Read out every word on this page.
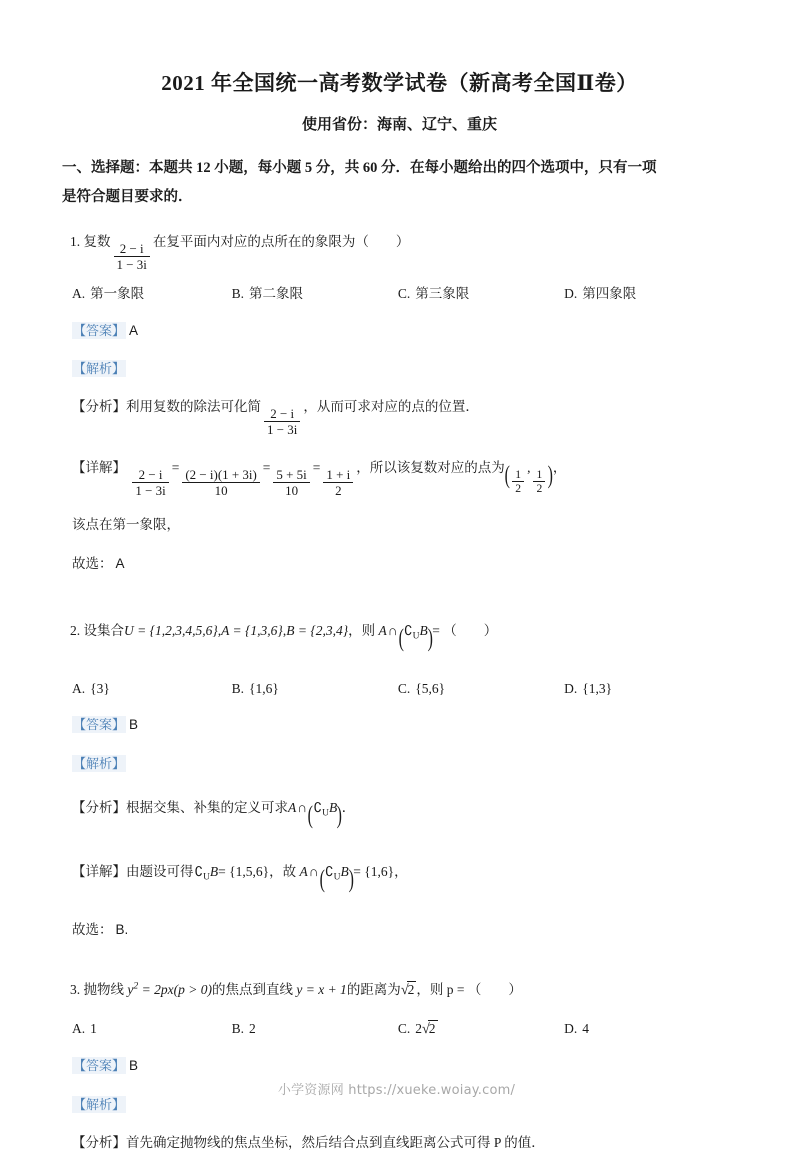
2021 年全国统一高考数学试卷（新高考全国Ⅱ卷）
使用省份：海南、辽宁、重庆
一、选择题：本题共 12 小题，每小题 5 分，共 60 分．在每小题给出的四个选项中，只有一项
是符合题目要求的．
1. 复数 $\frac{2 - i}{1 - 3i}$ 在复平面内对应的点所在的象限为（　　）
A. 第一象限	B. 第二象限	C. 第三象限	D. 第四象限
【答案】 A
【解析】
【分析】利用复数的除法可化简 $\frac{2 - i}{1 - 3i}$ ，从而可求对应的点的位置．
【详解】 $\frac{2 - i}{1 - 3i} = \frac{(2 - i)(1 + 3i)}{10} = \frac{5 + 5i}{10} = \frac{1 + i}{2}$ ，所以该复数对应的点为( $\frac{1}{2}$
,
$\frac{1}{2}$ )，
该点在第一象限，
故选： A
2. 设集合U = {1,2,3,4,5,6},A = {1,3,6},B = {2,3,4}，则 $A\cap(∁_UB)=$ （　　）
A. {3}	B. {1,6}	C. {5,6}	D. {1,3}
【答案】 B
【解析】
【分析】根据交集、补集的定义可求$A\cap(∁_UB)$．
【详解】由题设可得$∁_UB= \{1,5,6\}$，故 $A\cap(∁_UB)= \{1,6\}$，
故选： B.
3. 抛物线 $y^2 = 2px(p > 0)$的焦点到直线 y = x + 1的距离为√2 ，则 p = （　　）
A. 1	B. 2	C. 2√2	D. 4
【答案】 B
【解析】
【分析】首先确定抛物线的焦点坐标，然后结合点到直线距离公式可得 P 的值．
小学资源网 https://xueke.woiay.com/
